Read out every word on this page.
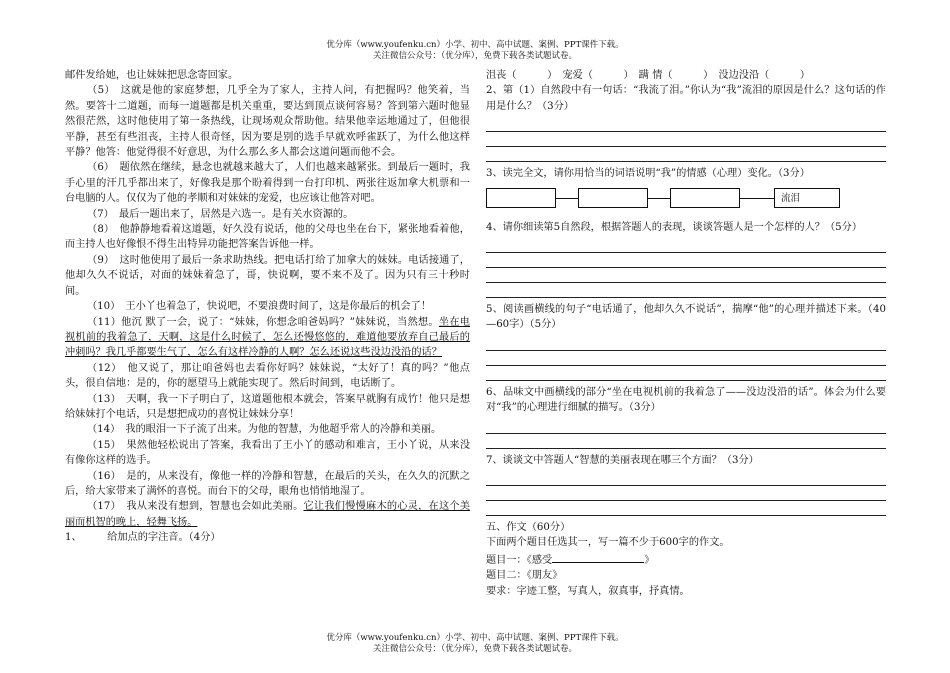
优分库（www.youfenku.cn）小学、初中、高中试题、案例、PPT课件下载。
关注微信公众号：（优分库），免费下载各类试题试卷。

邮件发给她，也让妹妹把思念寄回家。

（5）　这就是他的家庭梦想，几乎全为了家人，主持人问，有把握吗？他笑着，当然。要答十二道题，而每一道题都是机关重重，要达到顶点谈何容易？答到第六题时他显然很茫然，这时他使用了第一条热线，让现场观众帮助他。结果他幸运地通过了，但他很平静，甚至有些沮丧，主持人很奇怪，因为要是别的选手早就欢呼雀跃了，为什么他这样平静？他答：他觉得很不好意思，为什么那么多人都会这道问题而他不会。

（6）　题依然在继续，悬念也就越来越大了，人们也越来越紧张。到最后一题时，我手心里的汗几乎都出来了，好像我是那个盼着得到一台打印机、两张往返加拿大机票和一台电脑的人。仅仅为了他的孝顺和对妹妹的宠爱，也应该让他答对吧。

（7）　最后一题出来了，居然是六选一。是有关水资源的。

（8）　他静静地看着这道题，好久没有说话，他的父母也坐在台下，紧张地看着他，而主持人也好像恨不得生出特异功能把答案告诉他一样。

（9）　这时他使用了最后一条求助热线。把电话打给了加拿大的妹妹。电话接通了，他却久久不说话，对面的妹妹着急了，哥，快说啊，要不来不及了。因为只有三十秒时间。

（10）　王小丫也着急了，快说吧，不要浪费时间了，这是你最后的机会了！

（11）他沉 默了一会，说了：“妹妹，你想念咱爸妈吗？”妹妹说，当然想。坐在电视机前的我着急了，天啊，这是什么时候了，怎么还慢悠悠的，难道他要放弃自己最后的冲刺吗？我几乎都要生气了，怎么有这样冷静的人啊？怎么还说这些没边没沿的话？

（12）　他又说了，那让咱爸妈也去看你好吗？妹妹说，“太好了！真的吗？”他点头，很自信地：是的，你的愿望马上就能实现了。然后时间到，电话断了。

（13）　天啊，我一下子明白了，这道题他根本就会，答案早就胸有成竹！他只是想给妹妹打个电话，只是想把成功的喜悦让妹妹分享！

（14）　我的眼泪一下子流了出来。为他的智慧，为他超乎常人的冷静和美丽。

（15）　果然他轻松说出了答案，我看出了王小丫的感动和难言，王小丫说，从来没有像你这样的选手。

（16）　是的，从来没有，像他一样的冷静和智慧，在最后的关头，在久久的沉默之后，给大家带来了满怀的喜悦。而台下的父母，眼角也悄悄地湿了。

（17）　我从来没有想到，智慧也会如此美丽。它让我们慢慢麻木的心灵，在这个美丽而机智的晚上，轻舞飞扬。

1、　　　给加点的字注音。（4分）

沮丧（　　　）　宠爱（　　　）　蹒 情（　　　）　没边没沿（　　　）

2、第（1）自然段中有一句话：“我流了泪。”你认为“我”流泪的原因是什么？这句话的作用是什么？（3分）

3、读完全文，请你用恰当的词语说明“我”的情感（心理）变化。（3分）

流泪

4、请你细读第5自然段，根据答题人的表现，谈谈答题人是一个怎样的人？（5分）

5、阅读画横线的句子“电话通了，他却久久不说话”，揣摩“他”的心理并描述下来。（40—60字）（5分）

6、品味文中画横线的部分“坐在电视机前的我着急了——没边没沿的话”。体会为什么要对“我”的心理进行细腻的描写。（3分）

7、谈谈文中答题人“智慧的美丽表现在哪三个方面？（3分）

五、作文（60分）

下面两个题目任选其一，写一篇不少于600字的作文。

题目一：《感受	》

题目二：《朋友》

要求：字迹工整，写真人，叙真事，抒真情。

优分库（www.youfenku.cn）小学、初中、高中试题、案例、PPT课件下载。
关注微信公众号：（优分库），免费下载各类试题试卷。
